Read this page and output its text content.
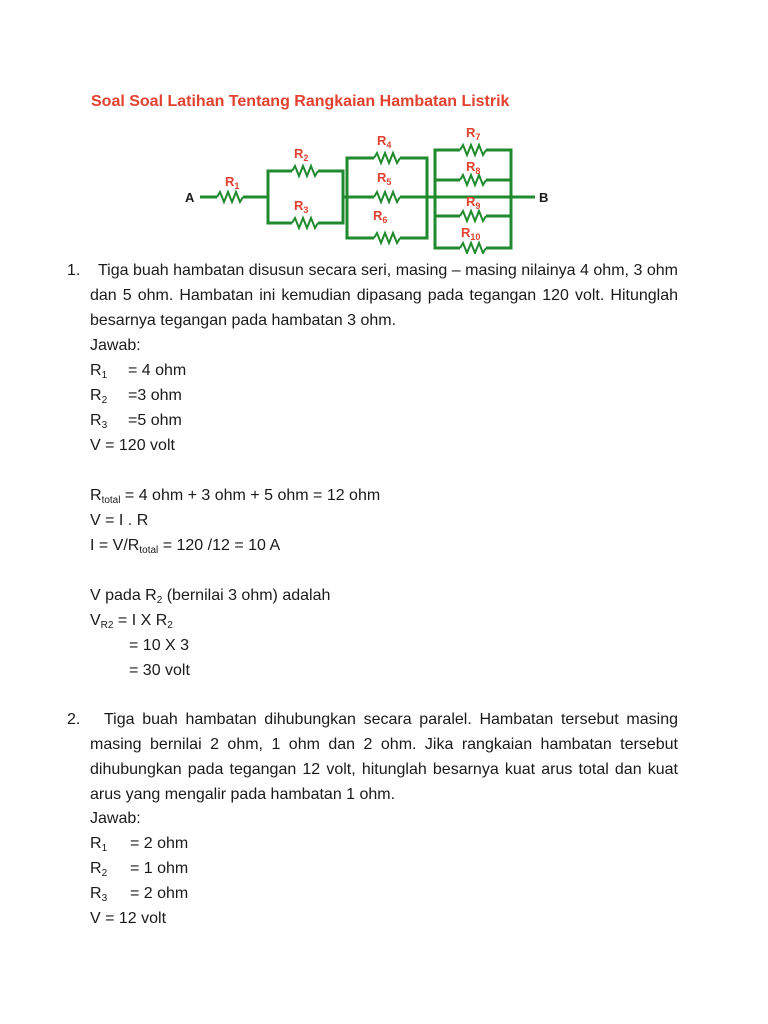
Soal Soal Latihan Tentang Rangkaian Hambatan Listrik
$R_1$
$R_2$
$R_3$
$R_4$
$R_5$
$R_6$
$R_7$
$R_8$
$R_9$
$R_{10}$
A	B
1.	Tiga buah hambatan disusun secara seri, masing – masing nilainya 4 ohm, 3 ohm dan 5 ohm. Hambatan ini kemudian dipasang pada tegangan 120 volt. Hitunglah besarnya tegangan pada hambatan 3 ohm.
Jawab:
R1 = 4 ohm
R2 =3 ohm
R3 =5 ohm
V = 120 volt
Rtotal = 4 ohm + 3 ohm + 5 ohm = 12 ohm
V = I . R
I = V/Rtotal = 120 /12 = 10 A
V pada R2 (bernilai 3 ohm) adalah
VR2 = I X R2
= 10 X 3
= 30 volt
2.	Tiga buah hambatan dihubungkan secara paralel. Hambatan tersebut masing masing bernilai 2 ohm, 1 ohm dan 2 ohm. Jika rangkaian hambatan tersebut dihubungkan pada tegangan 12 volt, hitunglah besarnya kuat arus total dan kuat arus yang mengalir pada hambatan 1 ohm.
Jawab:
R1 = 2 ohm
R2 = 1 ohm
R3 = 2 ohm
V = 12 volt
